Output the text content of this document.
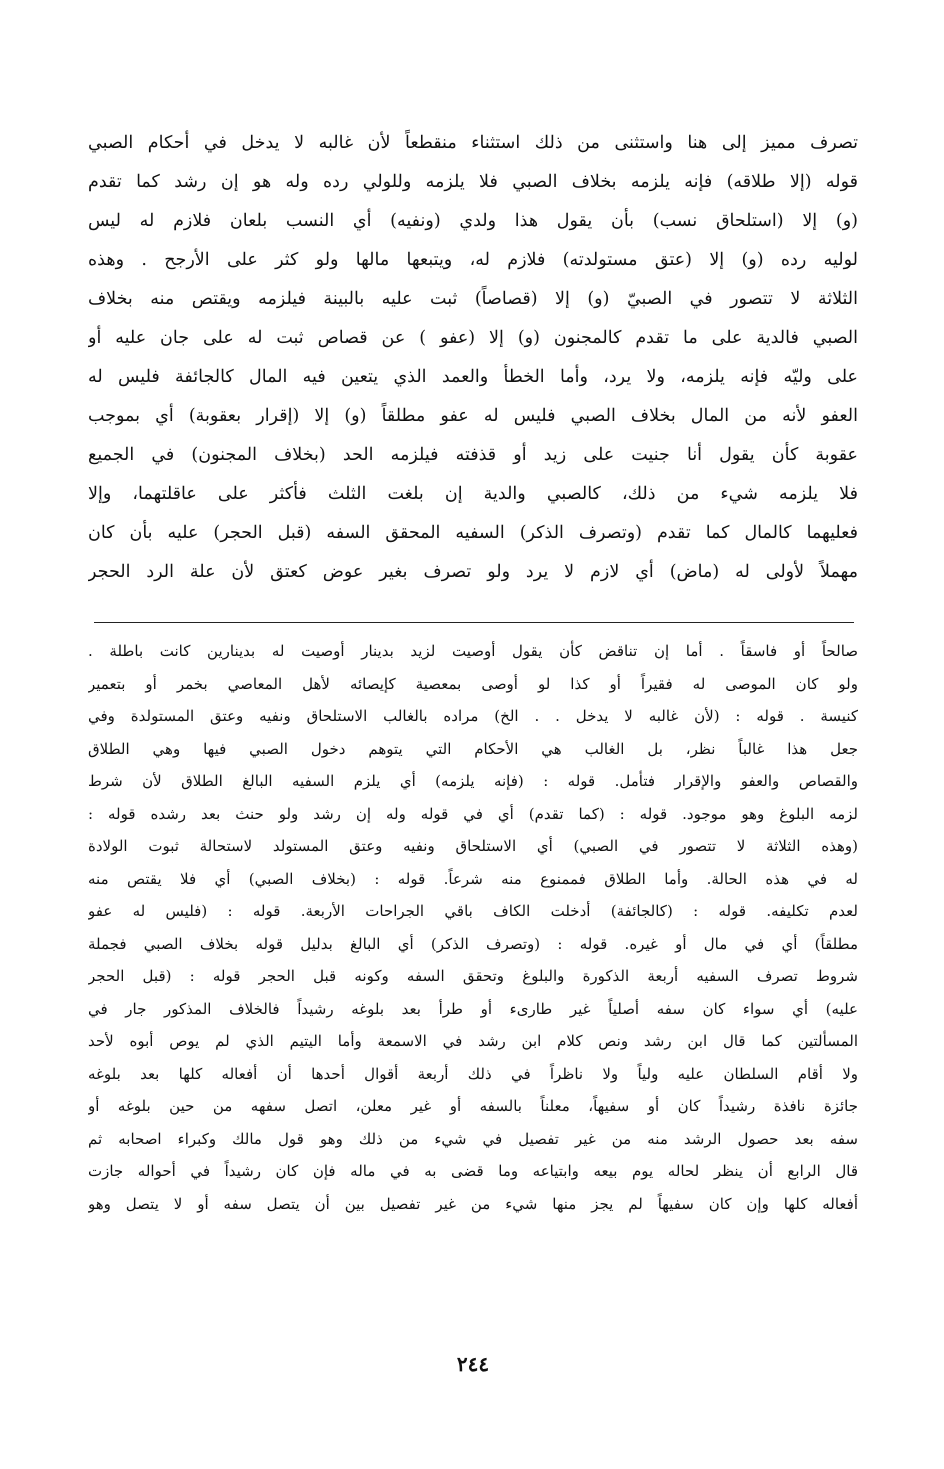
تصرف مميز إلى هنا واستثنى من ذلك استثناء منقطعاً لأن غالبه لا يدخل في أحكام الصبي
قوله (إلا طلاقه) فإنه يلزمه بخلاف الصبي فلا يلزمه وللولي رده وله هو إن رشد كما تقدم
(و) إلا (استلحاق نسب) بأن يقول هذا ولدي (ونفيه) أي النسب بلعان فلازم له ليس
لوليه رده (و) إلا (عتق مستولدته) فلازم له، ويتبعها مالها ولو كثر على الأرجح . وهذه
الثلاثة لا تتصور في الصبيّ (و) إلا (قصاصاً) ثبت عليه بالبينة فيلزمه ويقتص منه بخلاف
الصبي فالدية على ما تقدم كالمجنون (و) إلا (عفو ) عن قصاص ثبت له على جان عليه أو
على وليّه فإنه يلزمه، ولا يرد، وأما الخطأ والعمد الذي يتعين فيه المال كالجائفة فليس له
العفو لأنه من المال بخلاف الصبي فليس له عفو مطلقاً (و) إلا (إقرار بعقوبة) أي بموجب
عقوبة كأن يقول أنا جنيت على زيد أو قذفته فيلزمه الحد (بخلاف المجنون) في الجميع
فلا يلزمه شيء من ذلك، كالصبي والدية إن بلغت الثلث فأكثر على عاقلتهما، وإلا
فعليهما كالمال كما تقدم (وتصرف الذكر) السفيه المحقق السفه (قبل الحجر) عليه بأن كان
مهملاً لأولى له (ماض) أي لازم لا يرد ولو تصرف بغير عوض كعتق لأن علة الرد الحجر
صالحاً أو فاسقاً . أما إن تناقض كأن يقول أوصيت لزيد بدينار أوصيت له بدينارين كانت باطلة .
ولو كان الموصى له فقيراً أو كذا لو أوصى بمعصية كإيصائه لأهل المعاصي بخمر أو بتعمير
كنيسة . قوله : (لأن غالبه لا يدخل . . الخ) مراده بالغالب الاستلحاق ونفيه وعتق المستولدة وفي
جعل هذا غالباً نظر، بل الغالب هي الأحكام التي يتوهم دخول الصبي فيها وهي الطلاق
والقصاص والعفو والإقرار فتأمل. قوله : (فإنه يلزمه) أي يلزم السفيه البالغ الطلاق لأن شرط
لزمه البلوغ وهو موجود. قوله : (كما تقدم) أي في قوله وله إن رشد ولو حنث بعد رشده قوله :
(وهذه الثلاثة لا تتصور في الصبي) أي الاستلحاق ونفيه وعتق المستولد لاستحالة ثبوت الولادة
له في هذه الحالة. وأما الطلاق فممنوع منه شرعاً. قوله : (بخلاف الصبي) أي فلا يقتص منه
لعدم تكليفه. قوله : (كالجائفة) أدخلت الكاف باقي الجراحات الأربعة. قوله : (فليس له عفو
مطلقاً) أي في مال أو غيره. قوله : (وتصرف الذكر) أي البالغ بدليل قوله بخلاف الصبي فجملة
شروط تصرف السفيه أربعة الذكورة والبلوغ وتحقق السفه وكونه قبل الحجر قوله : (قبل الحجر
عليه) أي سواء كان سفه أصلياً غير طارىء أو طرأ بعد بلوغه رشيداً فالخلاف المذكور جار في
المسألتين كما قال ابن رشد ونص كلام ابن رشد في الاسمعة وأما اليتيم الذي لم يوص أبوه لأحد
ولا أقام السلطان عليه ولياً ولا ناظراً في ذلك أربعة أقوال أحدها أن أفعاله كلها بعد بلوغه
جائزة نافذة رشيداً كان أو سفيهاً، معلناً بالسفه أو غير معلن، اتصل سفهه من حين بلوغه أو
سفه بعد حصول الرشد منه من غير تفصيل في شيء من ذلك وهو قول مالك وكبراء اصحابه ثم
قال الرابع أن ينظر لحاله يوم بيعه وابتياعه وما قضى به في ماله فإن كان رشيداً في أحواله جازت
أفعاله كلها وإن كان سفيهاً لم يجز منها شيء من غير تفصيل بين أن يتصل سفه أو لا يتصل وهو
٢٤٤
